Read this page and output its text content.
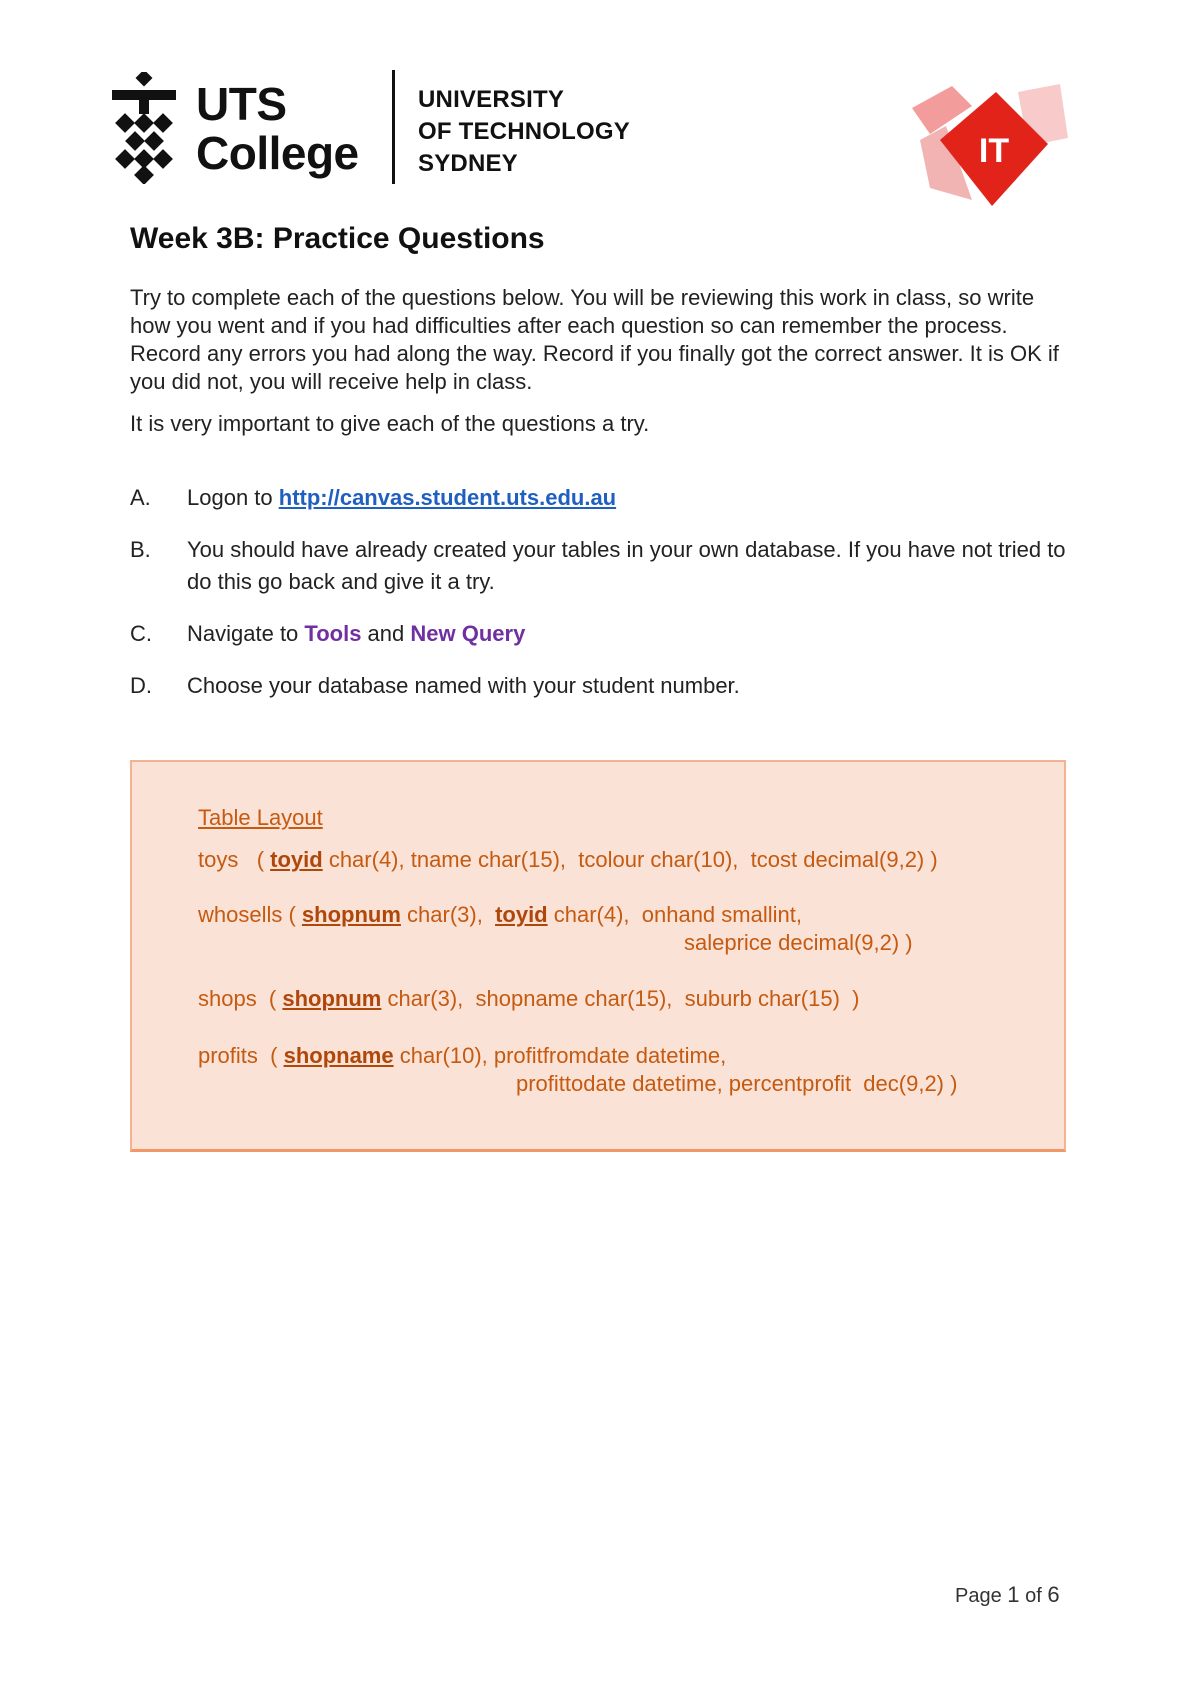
UTS
College
UNIVERSITY
OF TECHNOLOGY
SYDNEY	IT
Week 3B: Practice Questions

Try to complete each of the questions below. You will be reviewing this work in class, so write how you went and if you had difficulties after each question so can remember the process. Record any errors you had along the way. Record if you finally got the correct answer. It is OK if you did not, you will receive help in class.

It is very important to give each of the questions a try.

A. Logon to http://canvas.student.uts.edu.au
B. You should have already created your tables in your own database. If you have not tried to do this go back and give it a try.
C. Navigate to Tools and New Query
D. Choose your database named with your student number.
Table Layout
toys   ( toyid char(4), tname char(15),  tcolour char(10),  tcost decimal(9,2) )
whosells ( shopnum char(3),  toyid char(4),  onhand smallint,
saleprice decimal(9,2) )
shops  ( shopnum char(3),  shopname char(15),  suburb char(15)  )
profits  ( shopname char(10), profitfromdate datetime,
profittodate datetime, percentprofit  dec(9,2) )
Page 1 of 6
